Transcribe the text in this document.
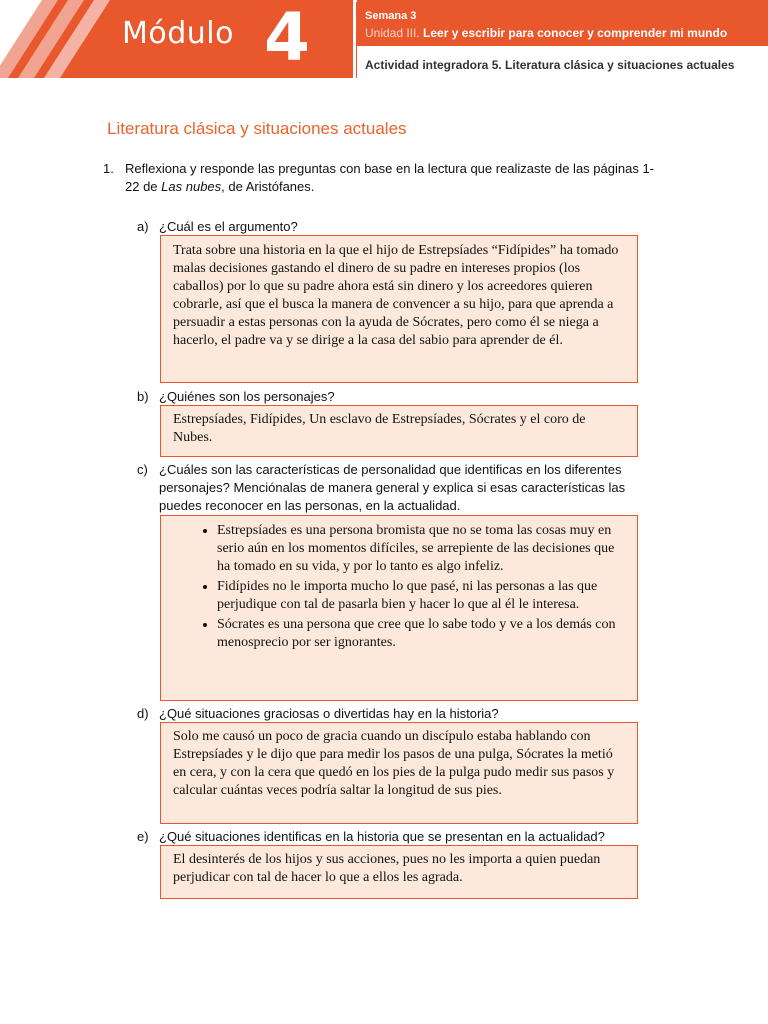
Módulo 4	Semana 3
Unidad III. Leer y escribir para conocer y comprender mi mundo
Actividad integradora 5. Literatura clásica y situaciones actuales
Literatura clásica y situaciones actuales
1. Reflexiona y responde las preguntas con base en la lectura que realizaste de las páginas 1-22 de Las nubes, de Aristófanes.
a) ¿Cuál es el argumento?
Trata sobre una historia en la que el hijo de Estrepsíades “Fidípides” ha tomado malas decisiones gastando el dinero de su padre en intereses propios (los caballos) por lo que su padre ahora está sin dinero y los acreedores quieren cobrarle, así que el busca la manera de convencer a su hijo, para que aprenda a persuadir a estas personas con la ayuda de Sócrates, pero como él se niega a hacerlo, el padre va y se dirige a la casa del sabio para aprender de él.
b) ¿Quiénes son los personajes?
Estrepsíades, Fidípides, Un esclavo de Estrepsíades, Sócrates y el coro de Nubes.
c) ¿Cuáles son las características de personalidad que identificas en los diferentes personajes? Menciónalas de manera general y explica si esas características las puedes reconocer en las personas, en la actualidad.
• Estrepsíades es una persona bromista que no se toma las cosas muy en serio aún en los momentos difíciles, se arrepiente de las decisiones que ha tomado en su vida, y por lo tanto es algo infeliz.
• Fidípides no le importa mucho lo que pasé, ni las personas a las que perjudique con tal de pasarla bien y hacer lo que al él le interesa.
• Sócrates es una persona que cree que lo sabe todo y ve a los demás con menosprecio por ser ignorantes.
d) ¿Qué situaciones graciosas o divertidas hay en la historia?
Solo me causó un poco de gracia cuando un discípulo estaba hablando con Estrepsíades y le dijo que para medir los pasos de una pulga, Sócrates la metió en cera, y con la cera que quedó en los pies de la pulga pudo medir sus pasos y calcular cuántas veces podría saltar la longitud de sus pies.
e) ¿Qué situaciones identificas en la historia que se presentan en la actualidad?
El desinterés de los hijos y sus acciones, pues no les importa a quien puedan perjudicar con tal de hacer lo que a ellos les agrada.
